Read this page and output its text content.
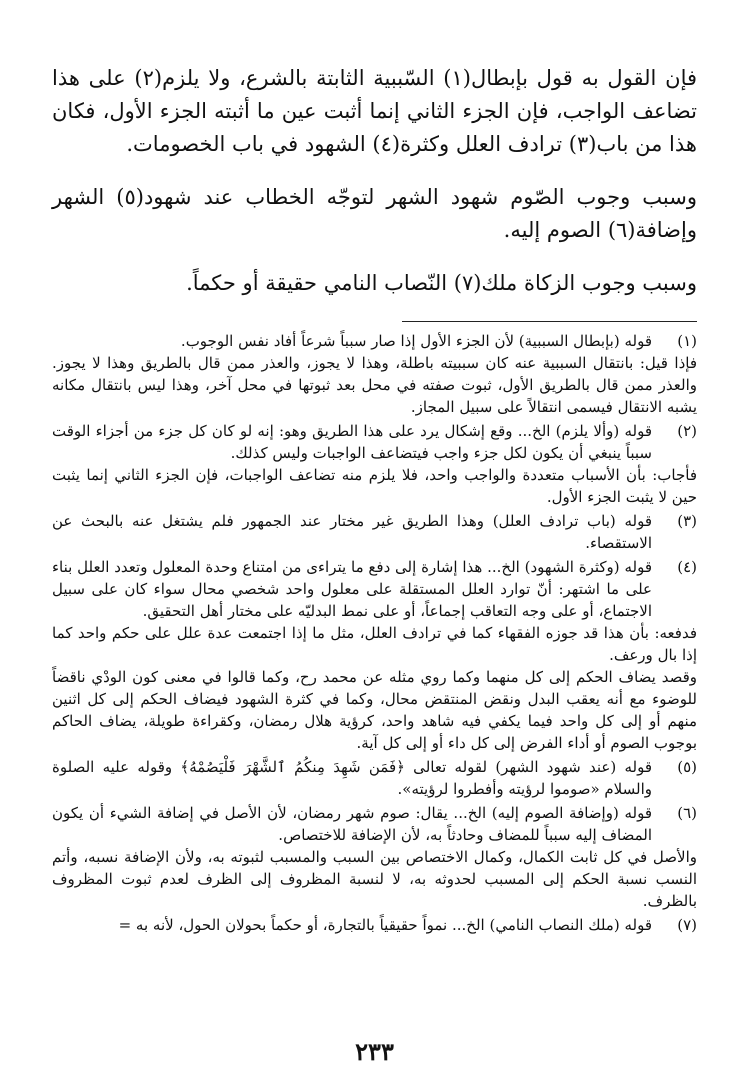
فإن القول به قول بإبطال(١) السّببية الثابتة بالشرع، ولا يلزم(٢) على هذا تضاعف الواجب، فإن الجزء الثاني إنما أثبت عين ما أثبته الجزء الأول، فكان هذا من باب(٣) ترادف العلل وكثرة(٤) الشهود في باب الخصومات.

وسبب وجوب الصّوم شهود الشهر لتوجّه الخطاب عند شهود(٥) الشهر وإضافة(٦) الصوم إليه.

وسبب وجوب الزكاة ملك(٧) النّصاب النامي حقيقة أو حكماً.

(١)

قوله (بإبطال السببية) لأن الجزء الأول إذا صار سبباً شرعاً أفاد نفس الوجوب.

فإذا قيل: بانتقال السببية عنه كان سببيته باطلة، وهذا لا يجوز، والعذر ممن قال بالطريق وهذا لا يجوز. والعذر ممن قال بالطريق الأول، ثبوت صفته في محل بعد ثبوتها في محل آخر، وهذا ليس بانتقال مكانه يشبه الانتقال فيسمى انتقالاً على سبيل المجاز.

(٢)

قوله (وألا يلزم) الخ... وقع إشكال يرد على هذا الطريق وهو: إنه لو كان كل جزء من أجزاء الوقت سبباً ينبغي أن يكون لكل جزء واجب فيتضاعف الواجبات وليس كذلك.

فأجاب: بأن الأسباب متعددة والواجب واحد، فلا يلزم منه تضاعف الواجبات، فإن الجزء الثاني إنما يثبت حين لا يثبت الجزء الأول.

(٣)

قوله (باب ترادف العلل) وهذا الطريق غير مختار عند الجمهور فلم يشتغل عنه بالبحث عن الاستقصاء.

(٤)

قوله (وكثرة الشهود) الخ... هذا إشارة إلى دفع ما يتراءى من امتناع وحدة المعلول وتعدد العلل بناء على ما اشتهر: أنّ توارد العلل المستقلة على معلول واحد شخصي محال سواء كان على سبيل الاجتماع، أو على وجه التعاقب إجماعاً، أو على نمط البدليّه على مختار أهل التحقيق.

فدفعه: بأن هذا قد جوزه الفقهاء كما في ترادف العلل، مثل ما إذا اجتمعت عدة علل على حكم واحد كما إذا بال ورعف.

وقصد يضاف الحكم إلى كل منهما وكما روي مثله عن محمد رح، وكما قالوا في معنى كون الودْي ناقضاً للوضوء مع أنه يعقب البدل ونقض المنتقض محال، وكما في كثرة الشهود فيضاف الحكم إلى كل اثنين منهم أو إلى كل واحد فيما يكفي فيه شاهد واحد، كرؤية هلال رمضان، وكقراءة طويلة، يضاف الحاكم بوجوب الصوم أو أداء الفرض إلى كل داء أو إلى كل آية.

(٥)

قوله (عند شهود الشهر) لقوله تعالى ﴿فَمَن شَهِدَ مِنكُمُ ٱلشَّهْرَ فَلْيَصُمْهُ﴾ وقوله عليه الصلوة والسلام «صوموا لرؤيته وأفطروا لرؤيته».

(٦)

قوله (وإضافة الصوم إليه) الخ... يقال: صوم شهر رمضان، لأن الأصل في إضافة الشيء أن يكون المضاف إليه سبباً للمضاف وحادثاً به، لأن الإضافة للاختصاص.

والأصل في كل ثابت الكمال، وكمال الاختصاص بين السبب والمسبب لثبوته به، ولأن الإضافة نسبه، وأتم النسب نسبة الحكم إلى المسبب لحدوثه به، لا لنسبة المظروف إلى الظرف لعدم ثبوت المظروف بالظرف.

(٧)

قوله (ملك النصاب النامي) الخ... نمواً حقيقياً بالتجارة، أو حكماً بحولان الحول، لأنه به =

٢٣٣
